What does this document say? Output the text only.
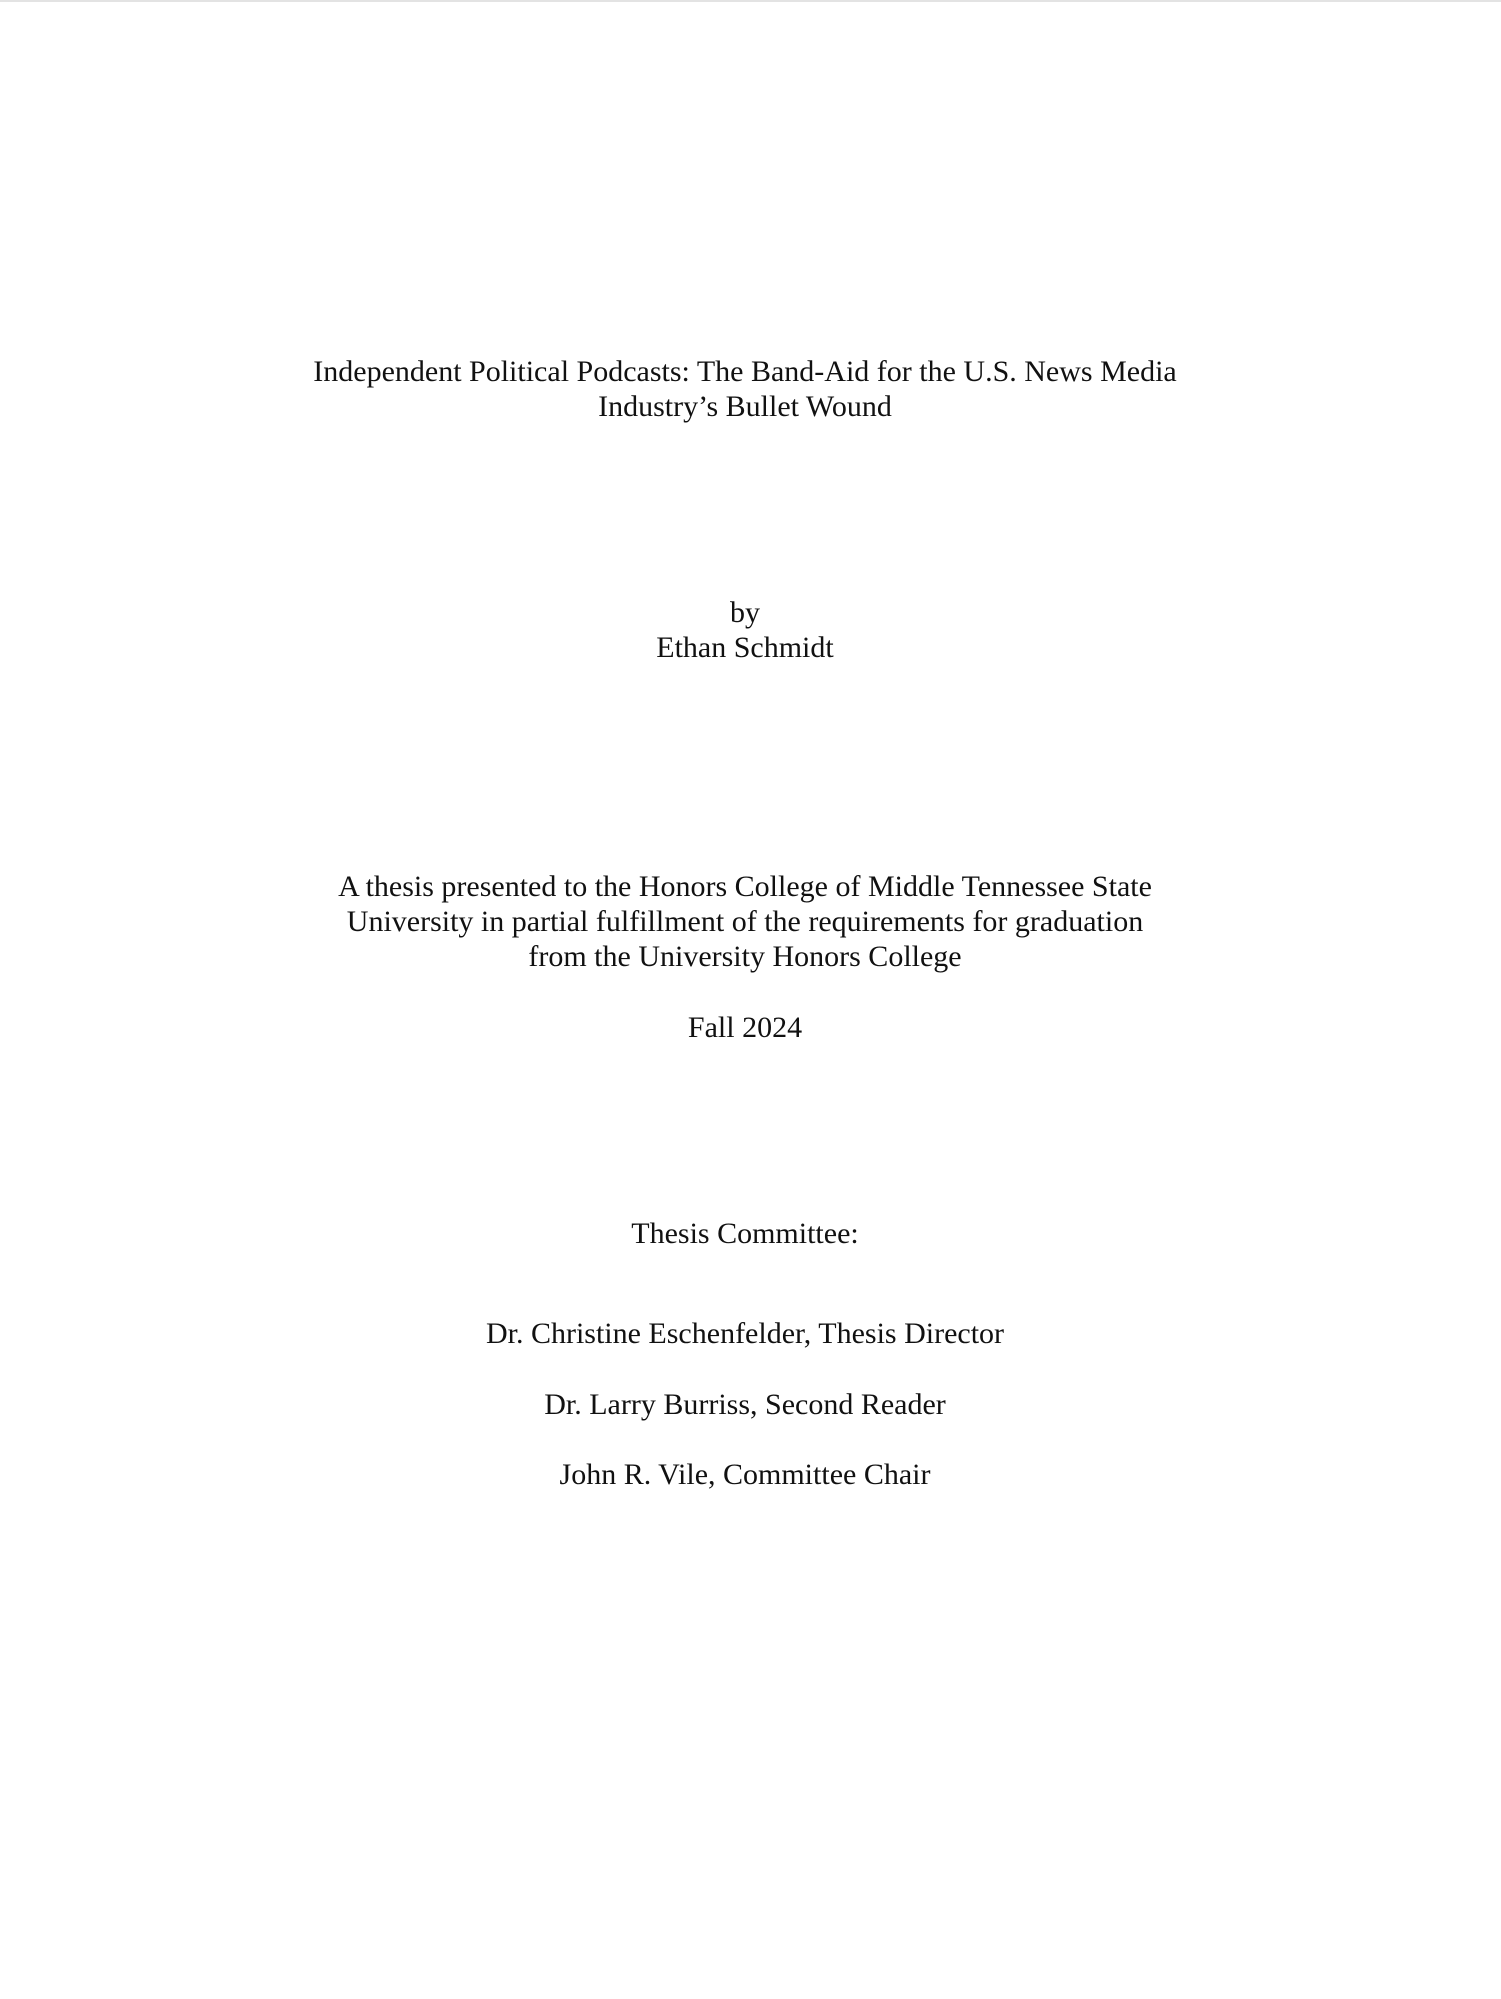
Independent Political Podcasts: The Band-Aid for the U.S. News Media
Industry’s Bullet Wound
by
Ethan Schmidt
A thesis presented to the Honors College of Middle Tennessee State
University in partial fulfillment of the requirements for graduation
from the University Honors College
Fall 2024
Thesis Committee:
Dr. Christine Eschenfelder, Thesis Director
Dr. Larry Burriss, Second Reader
John R. Vile, Committee Chair
